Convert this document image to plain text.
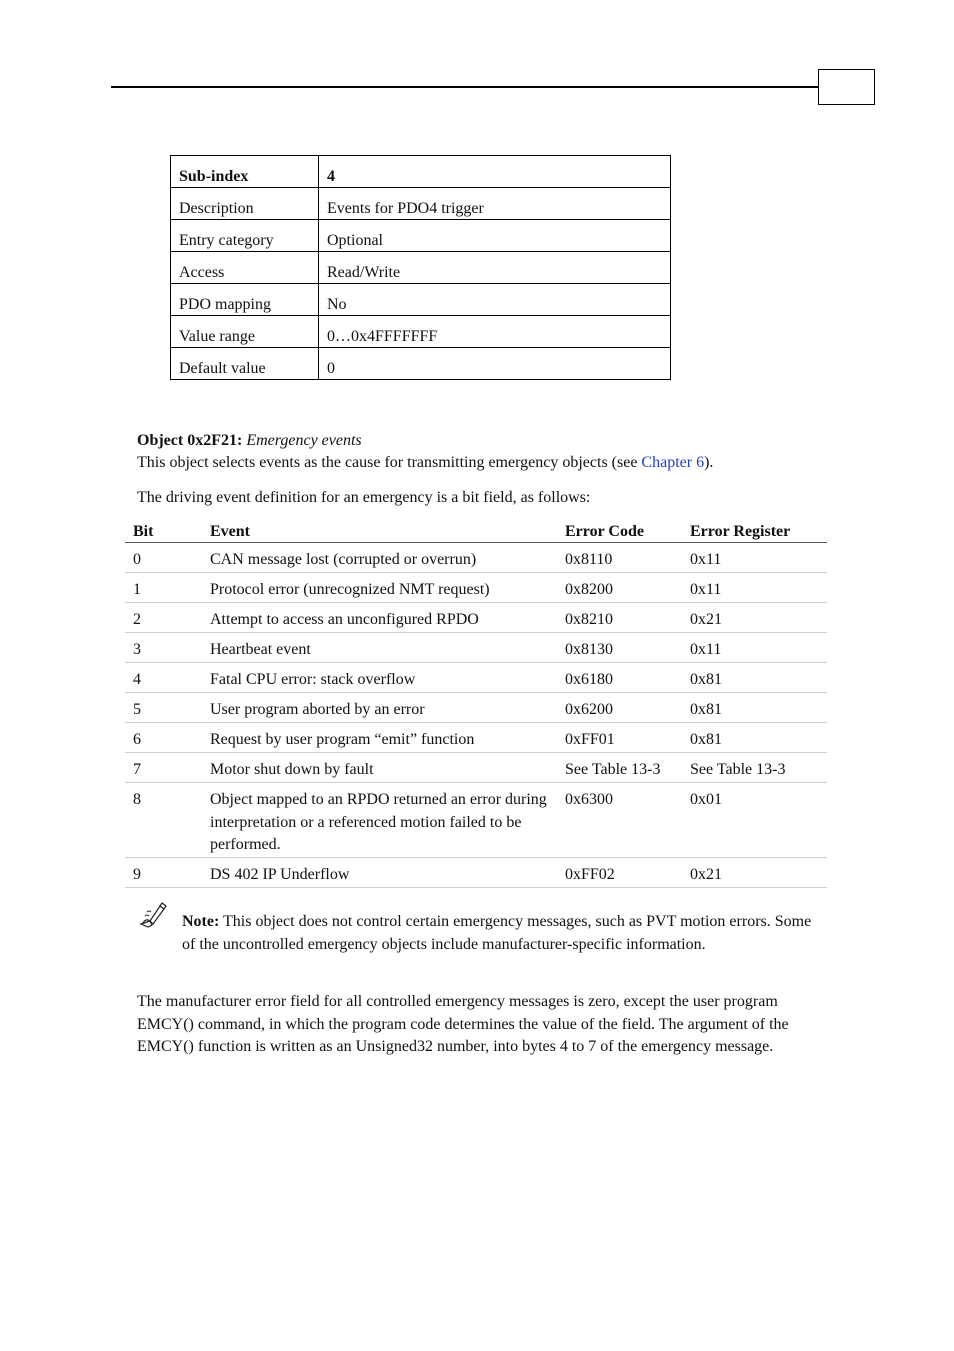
Sub-index	4
Description	Events for PDO4 trigger
Entry category	Optional
Access	Read/Write
PDO mapping	No
Value range	0…0x4FFFFFFF
Default value	0
Object 0x2F21: Emergency events
This object selects events as the cause for transmitting emergency objects (see Chapter 6).
The driving event definition for an emergency is a bit field, as follows:
Bit	Event	Error Code	Error Register
0	CAN message lost (corrupted or overrun)	0x8110	0x11
1	Protocol error (unrecognized NMT request)	0x8200	0x11
2	Attempt to access an unconfigured RPDO	0x8210	0x21
3	Heartbeat event	0x8130	0x11
4	Fatal CPU error: stack overflow	0x6180	0x81
5	User program aborted by an error	0x6200	0x81
6	Request by user program “emit” function	0xFF01	0x81
7	Motor shut down by fault	See Table 13-3	See Table 13-3
8	Object mapped to an RPDO returned an error during interpretation or a referenced motion failed to be performed.	0x6300	0x01
9	DS 402 IP Underflow	0xFF02	0x21
Note: This object does not control certain emergency messages, such as PVT motion errors. Some of the uncontrolled emergency objects include manufacturer-specific information.
The manufacturer error field for all controlled emergency messages is zero, except the user program EMCY() command, in which the program code determines the value of the field. The argument of the EMCY() function is written as an Unsigned32 number, into bytes 4 to 7 of the emergency message.
